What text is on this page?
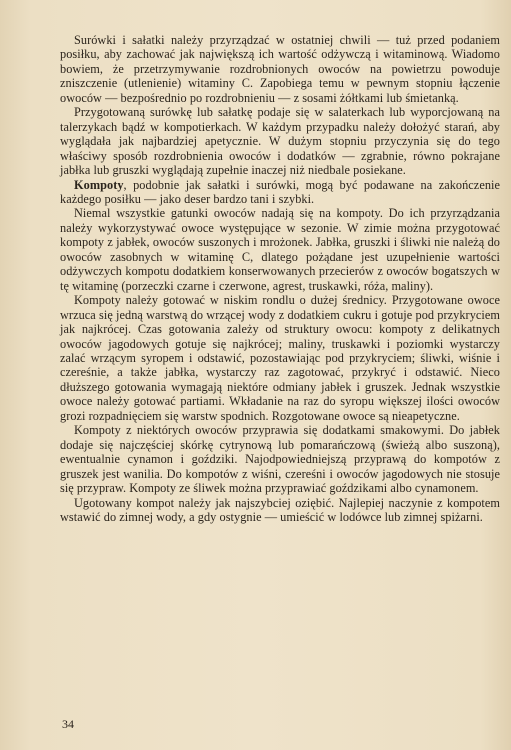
Surówki i sałatki należy przyrządzać w ostatniej chwili — tuż przed podaniem posiłku, aby zachować jak największą ich wartość odżywczą i witaminową. Wiadomo bowiem, że przetrzymywanie rozdrobnionych owoców na powietrzu powoduje zniszczenie (utlenienie) witaminy C. Zapobiega temu w pewnym stopniu łączenie owoców — bezpośrednio po rozdrobnieniu — z sosami żółtkami lub śmietanką.

Przygotowaną surówkę lub sałatkę podaje się w salaterkach lub wyporcjowaną na talerzykach bądź w kompotierkach. W każdym przypadku należy dołożyć starań, aby wyglądała jak najbardziej apetycznie. W dużym stopniu przyczynia się do tego właściwy sposób rozdrobnienia owoców i dodatków — zgrabnie, równo pokrajane jabłka lub gruszki wyglądają zupełnie inaczej niż niedbale posiekane.

Kompoty, podobnie jak sałatki i surówki, mogą być podawane na zakończenie każdego posiłku — jako deser bardzo tani i szybki.

Niemal wszystkie gatunki owoców nadają się na kompoty. Do ich przyrządzania należy wykorzystywać owoce występujące w sezonie. W zimie można przygotować kompoty z jabłek, owoców suszonych i mrożonek. Jabłka, gruszki i śliwki nie należą do owoców zasobnych w witaminę C, dlatego pożądane jest uzupełnienie wartości odżywczych kompotu dodatkiem konserwowanych przecierów z owoców bogatszych w tę witaminę (porzeczki czarne i czerwone, agrest, truskawki, róża, maliny).

Kompoty należy gotować w niskim rondlu o dużej średnicy. Przygotowane owoce wrzuca się jedną warstwą do wrzącej wody z dodatkiem cukru i gotuje pod przykryciem jak najkrócej. Czas gotowania zależy od struktury owocu: kompoty z delikatnych owoców jagodowych gotuje się najkrócej; maliny, truskawki i poziomki wystarczy zalać wrzącym syropem i odstawić, pozostawiając pod przykryciem; śliwki, wiśnie i czereśnie, a także jabłka, wystarczy raz zagotować, przykryć i odstawić. Nieco dłuższego gotowania wymagają niektóre odmiany jabłek i gruszek. Jednak wszystkie owoce należy gotować partiami. Wkładanie na raz do syropu większej ilości owoców grozi rozpadnięciem się warstw spodnich. Rozgotowane owoce są nieapetyczne.

Kompoty z niektórych owoców przyprawia się dodatkami smakowymi. Do jabłek dodaje się najczęściej skórkę cytrynową lub pomarańczową (świeżą albo suszoną), ewentualnie cynamon i goździki. Najodpowiedniejszą przyprawą do kompotów z gruszek jest wanilia. Do kompotów z wiśni, czereśni i owoców jagodowych nie stosuje się przypraw. Kompoty ze śliwek można przyprawiać goździkami albo cynamonem.

Ugotowany kompot należy jak najszybciej oziębić. Najlepiej naczynie z kompotem wstawić do zimnej wody, a gdy ostygnie — umieścić w lodówce lub zimnej spiżarni.

34
